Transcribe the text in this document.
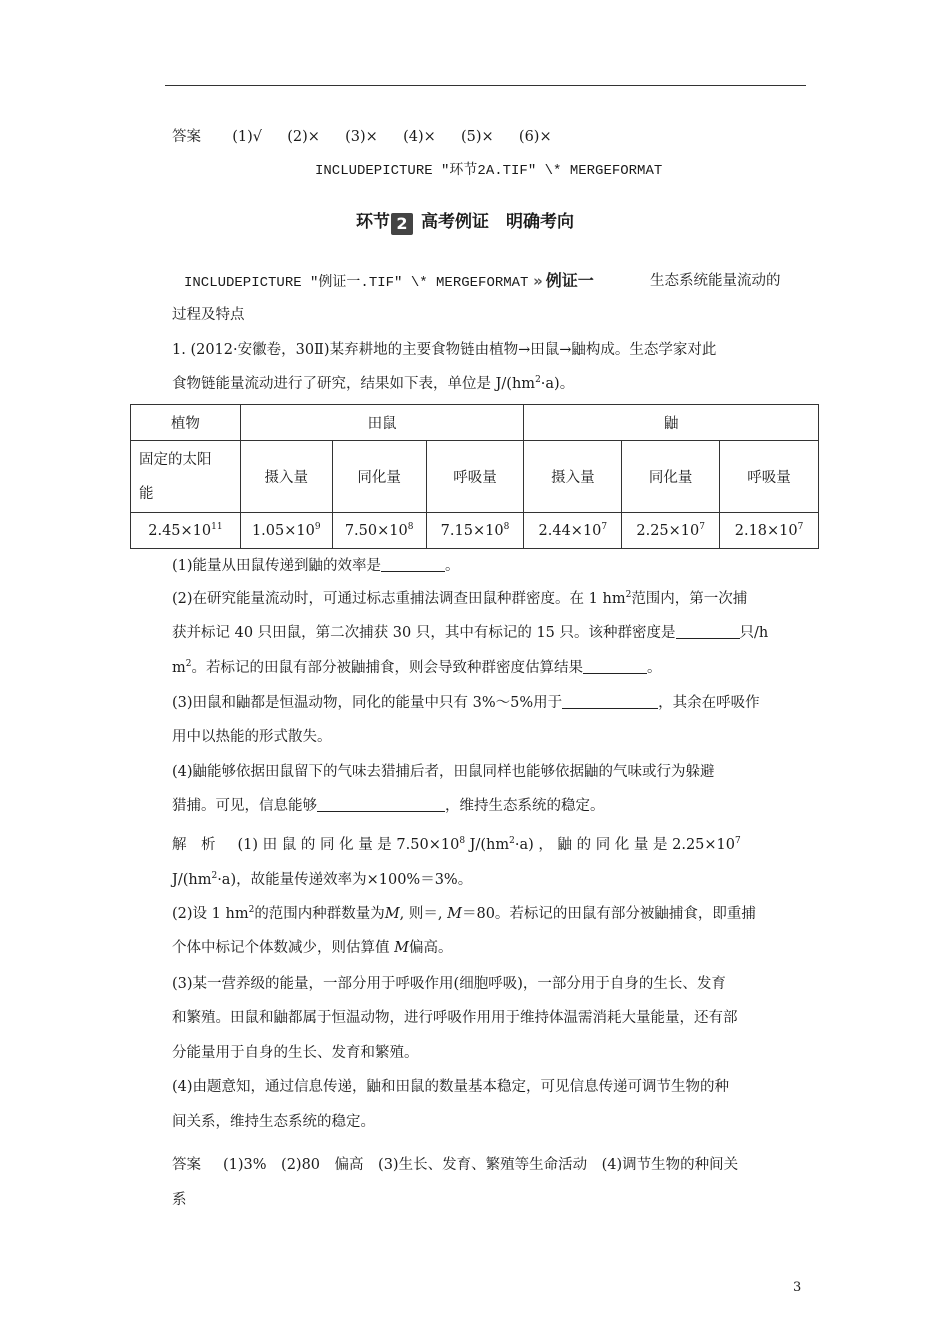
答案 (1)√ (2)× (3)× (4)× (5)× (6)×
INCLUDEPICTURE "环节2A.TIF" \* MERGEFORMAT
环节 2 高考例证　明确考向
INCLUDEPICTURE "例证一.TIF" \* MERGEFORMAT » 例证一	生态系统能量流动的
过程及特点
1. (2012·安徽卷，30Ⅱ)某弃耕地的主要食物链由植物→田鼠→鼬构成。生态学家对此
食物链能量流动进行了研究，结果如下表，单位是 $J/(hm^2\cdot a)$。
植物	田鼠			鼬		
固定的太阳
能	摄入量	同化量	呼吸量	摄入量	同化量	呼吸量
$2.45\times 10^{11}$	$1.05\times 10^9$	$7.50\times 10^8$	$7.15\times 10^8$	$2.44\times 10^7$	$2.25\times 10^7$	$2.18\times 10^7$
(1)能量从田鼠传递到鼬的效率是	。
(2)在研究能量流动时，可通过标志重捕法调查田鼠种群密度。在 1 $hm^2$范围内，第一次捕
获并标记 40 只田鼠，第二次捕获 30 只，其中有标记的 15 只。该种群密度是	只/h
$m^2$。若标记的田鼠有部分被鼬捕食，则会导致种群密度估算结果	。
(3)田鼠和鼬都是恒温动物，同化的能量中只有 3%～5%用于	，其余在呼吸作
用中以热能的形式散失。
(4)鼬能够依据田鼠留下的气味去猎捕后者，田鼠同样也能够依据鼬的气味或行为躲避
猎捕。可见，信息能够	，维持生态系统的稳定。
解　析 (1) 田 鼠 的 同 化 量 是 $7.50\times 10^8$ $J/(hm^2\cdot a)$ ， 鼬 的 同 化 量 是 $2.25\times 10^7$
$J/(hm^2\cdot a)$，故能量传递效率为×100%＝3%。
(2)设 1 $hm^2$的范围内种群数量为M, 则＝, M＝80。若标记的田鼠有部分被鼬捕食，即重捕
个体中标记个体数减少，则估算值 M偏高。
(3)某一营养级的能量，一部分用于呼吸作用(细胞呼吸)，一部分用于自身的生长、发育
和繁殖。田鼠和鼬都属于恒温动物，进行呼吸作用用于维持体温需消耗大量能量，还有部
分能量用于自身的生长、发育和繁殖。
(4)由题意知，通过信息传递，鼬和田鼠的数量基本稳定，可见信息传递可调节生物的种
间关系，维持生态系统的稳定。
答案 (1)3%　(2)80　偏高　(3)生长、发育、繁殖等生命活动　(4)调节生物的种间关
系
3
